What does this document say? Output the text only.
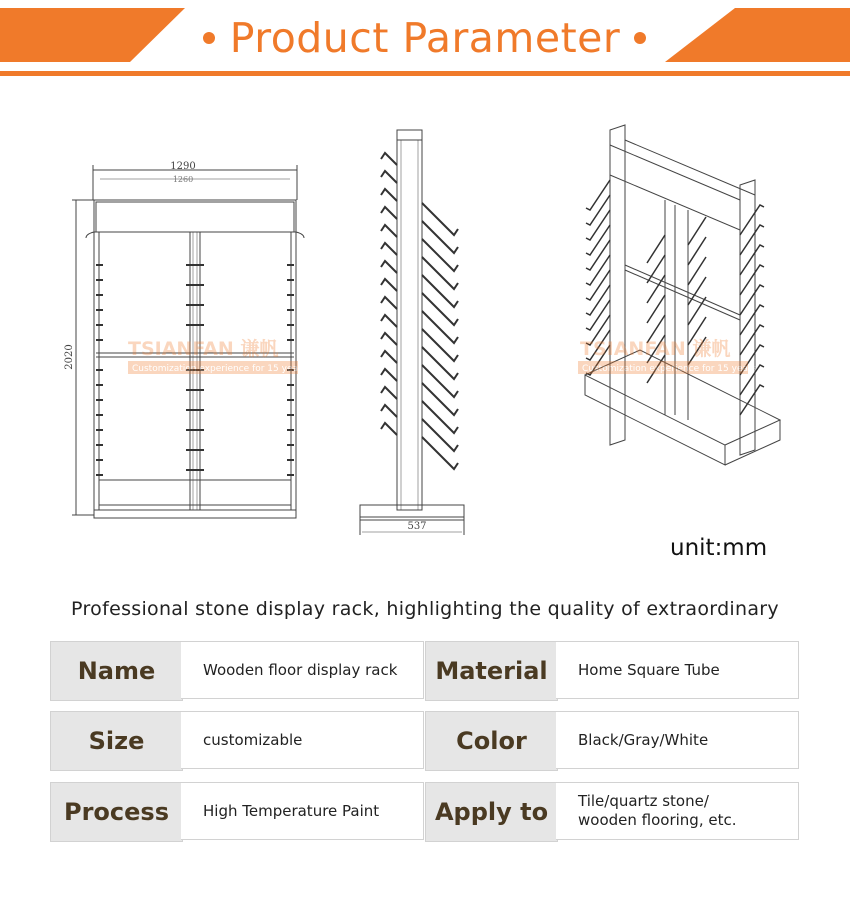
Product Parameter
1290
1260
2020
537
TSIANFAN 谦帆
Customization experience for 15 years
TSIANFAN 谦帆
Customization experience for 15 years
unit:mm
Professional stone display rack, highlighting the quality of extraordinary
Name	Wooden floor display rack	Material	Home Square Tube
Size	customizable	Color	Black/Gray/White
Process	High Temperature Paint	Apply to	Tile/quartz stone/
wooden flooring, etc.
